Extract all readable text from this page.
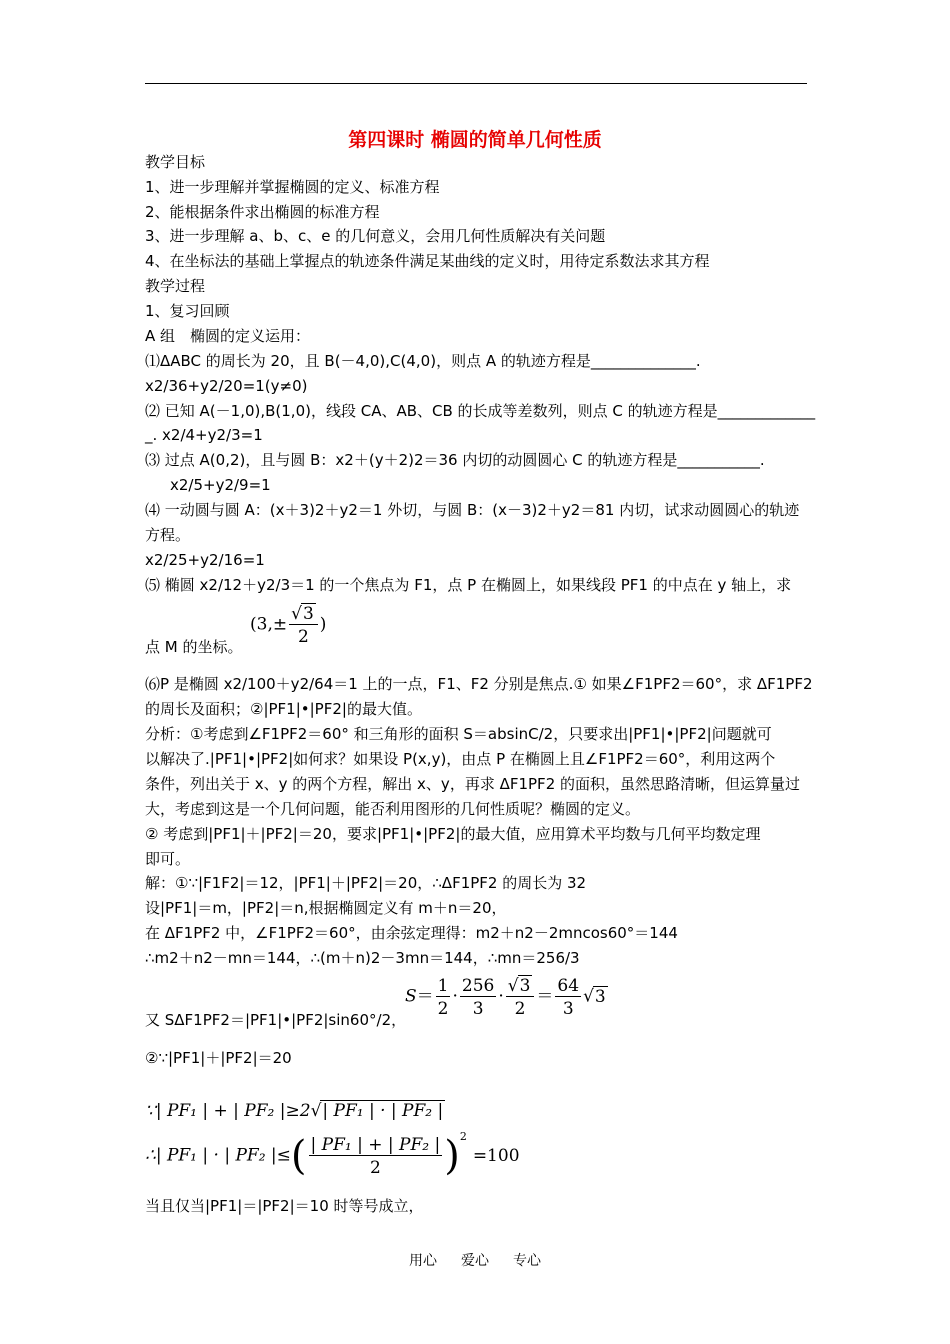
第四课时 椭圆的简单几何性质
教学目标
1、进一步理解并掌握椭圆的定义、标准方程
2、能根据条件求出椭圆的标准方程
3、进一步理解 a、b、c、e 的几何意义，会用几何性质解决有关问题
4、在坐标法的基础上掌握点的轨迹条件满足某曲线的定义时，用待定系数法求其方程
教学过程
1、复习回顾
A 组　椭圆的定义运用：
⑴ΔABC 的周长为 20，且 B(－4,0),C(4,0)，则点 A 的轨迹方程是______________.
x2/36+y2/20=1(y≠0)
⑵ 已知 A(－1,0),B(1,0)，线段 CA、AB、CB 的长成等差数列，则点 C 的轨迹方程是_____________
_. x2/4+y2/3=1
⑶ 过点 A(0,2)，且与圆 B：x2＋(y＋2)2＝36 内切的动圆圆心 C 的轨迹方程是___________.
x2/5+y2/9=1
⑷ 一动圆与圆 A：(x＋3)2＋y2＝1 外切，与圆 B：(x－3)2＋y2＝81 内切，试求动圆圆心的轨迹
方程。
x2/25+y2/16=1
⑸ 椭圆 x2/12＋y2/3＝1 的一个焦点为 F1，点 P 在椭圆上，如果线段 PF1 的中点在 y 轴上，求
($3,\pm \frac{√3}{2}$ )
点 M 的坐标。
⑹P 是椭圆 x2/100＋y2/64＝1 上的一点，F1、F2 分别是焦点.① 如果∠F1PF2＝60°，求 ΔF1PF2
的周长及面积；②|PF1|•|PF2|的最大值。
分析：①考虑到∠F1PF2＝60° 和三角形的面积 S＝absinC/2，只要求出|PF1|•|PF2|问题就可
以解决了.|PF1|•|PF2|如何求？如果设 P(x,y)，由点 P 在椭圆上且∠F1PF2＝60°，利用这两个
条件，列出关于 x、y 的两个方程，解出 x、y，再求 ΔF1PF2 的面积，虽然思路清晰，但运算量过
大，考虑到这是一个几何问题，能否利用图形的几何性质呢？椭圆的定义。
② 考虑到|PF1|＋|PF2|＝20，要求|PF1|•|PF2|的最大值，应用算术平均数与几何平均数定理
即可。
解：①∵|F1F2|＝12，|PF1|＋|PF2|＝20，∴ΔF1PF2 的周长为 32
设|PF1|＝m，|PF2|＝n,根据椭圆定义有 m＋n＝20，
在 ΔF1PF2 中，∠F1PF2＝60°，由余弦定理得：m2＋n2－2mncos60°＝144
∴m2＋n2－mn＝144，∴(m＋n)2－3mn＝144，∴mn＝256/3
$S= \frac{1}{2} \cdot \frac{256}{3} \cdot \frac{√3}{2} = \frac{64}{3} √3$
又 SΔF1PF2＝|PF1|•|PF2|sin60°/2，
②∵|PF1|＋|PF2|＝20
∵| PF₁ | + | PF₂ |≥2√| PF₁ | · | PF₂ |
∴| PF₁ | · | PF₂ |≤( $\frac{\text{| PF₁ | + | PF₂ |}}{2} )^2=100$
当且仅当|PF1|＝|PF2|＝10 时等号成立，
用心 爱心 专心
